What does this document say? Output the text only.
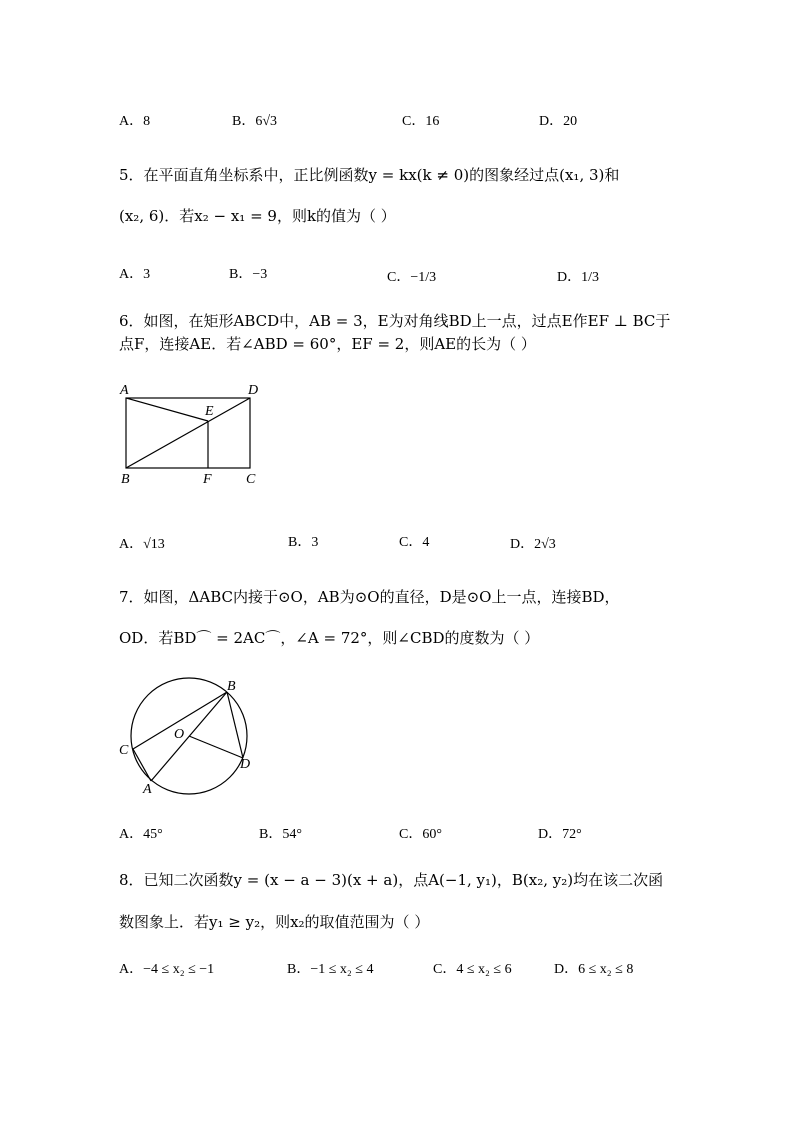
A．8	B．6√3	C．16	D．20
5．在平面直角坐标系中，正比例函数y = kx(k ≠ 0)的图象经过点(x₁, 3)和
(x₂, 6)．若x₂ − x₁ = 9，则k的值为（ ）
A．3	B．−3	C．−1/3	D．1/3
6．如图，在矩形ABCD中，AB = 3，E为对角线BD上一点，过点E作EF ⊥ BC于
点F，连接AE．若∠ABD = 60°，EF = 2，则AE的长为（ ）
A	D
E
B	F C
A．√13	B．3	C．4	D．2√3
7．如图，ΔABC内接于⊙O，AB为⊙O的直径，D是⊙O上一点，连接BD，
OD．若BD⌒ = 2AC⌒，∠A = 72°，则∠CBD的度数为（ ）
B
O
C
D
A
A．45°	B．54°	C．60°	D．72°
8．已知二次函数y = (x − a − 3)(x + a)，点A(−1, y₁)，B(x₂, y₂)均在该二次函
数图象上．若y₁ ≥ y₂，则x₂的取值范围为（ ）
A．−4 ≤ x₂ ≤ −1	B．−1 ≤ x₂ ≤ 4	C．4 ≤ x₂ ≤ 6	D．6 ≤ x₂ ≤ 8
